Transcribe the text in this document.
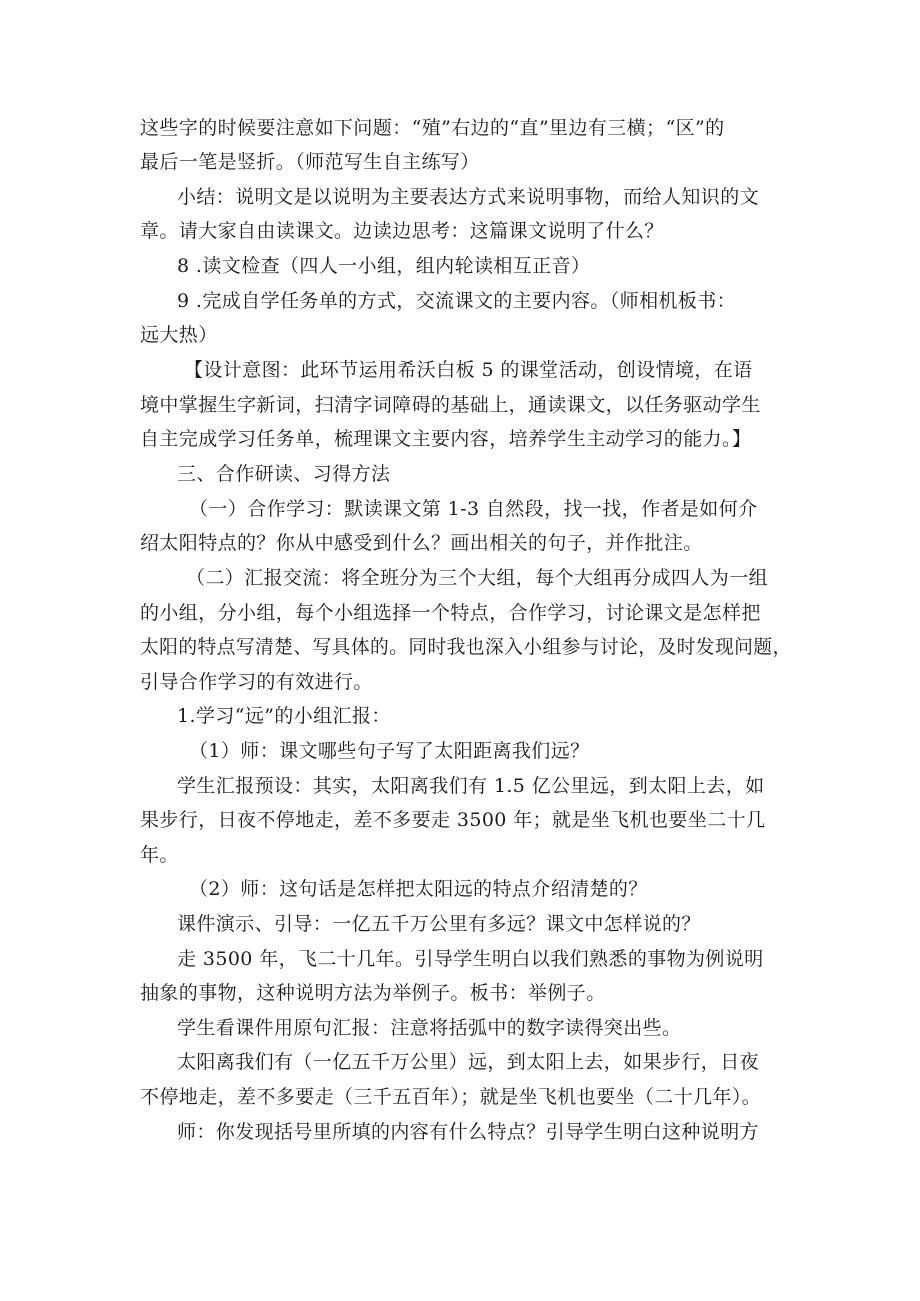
这些字的时候要注意如下问题：“殖”右边的“直”里边有三横；“区”的
最后一笔是竖折。（师范写生自主练写）
小结：说明文是以说明为主要表达方式来说明事物，而给人知识的文
章。请大家自由读课文。边读边思考：这篇课文说明了什么？
8 .读文检查（四人一小组，组内轮读相互正音）
9 .完成自学任务单的方式，交流课文的主要内容。（师相机板书：
远大热）
【设计意图：此环节运用希沃白板 5 的课堂活动，创设情境，在语
境中掌握生字新词，扫清字词障碍的基础上，通读课文，以任务驱动学生
自主完成学习任务单，梳理课文主要内容，培养学生主动学习的能力。】
三、合作研读、习得方法
（一）合作学习：默读课文第 1-3 自然段，找一找，作者是如何介
绍太阳特点的？你从中感受到什么？画出相关的句子，并作批注。
（二）汇报交流：将全班分为三个大组，每个大组再分成四人为一组
的小组，分小组，每个小组选择一个特点，合作学习，讨论课文是怎样把
太阳的特点写清楚、写具体的。同时我也深入小组参与讨论，及时发现问题，
引导合作学习的有效进行。
1.学习“远”的小组汇报：
（1）师：课文哪些句子写了太阳距离我们远？
学生汇报预设：其实，太阳离我们有 1.5 亿公里远，到太阳上去，如
果步行，日夜不停地走，差不多要走 3500 年；就是坐飞机也要坐二十几
年。
（2）师：这句话是怎样把太阳远的特点介绍清楚的？
课件演示、引导：一亿五千万公里有多远？课文中怎样说的？
走 3500 年，飞二十几年。引导学生明白以我们熟悉的事物为例说明
抽象的事物，这种说明方法为举例子。板书：举例子。
学生看课件用原句汇报：注意将括弧中的数字读得突出些。
太阳离我们有（一亿五千万公里）远，到太阳上去，如果步行，日夜
不停地走，差不多要走（三千五百年）；就是坐飞机也要坐（二十几年）。
师：你发现括号里所填的内容有什么特点？引导学生明白这种说明方
